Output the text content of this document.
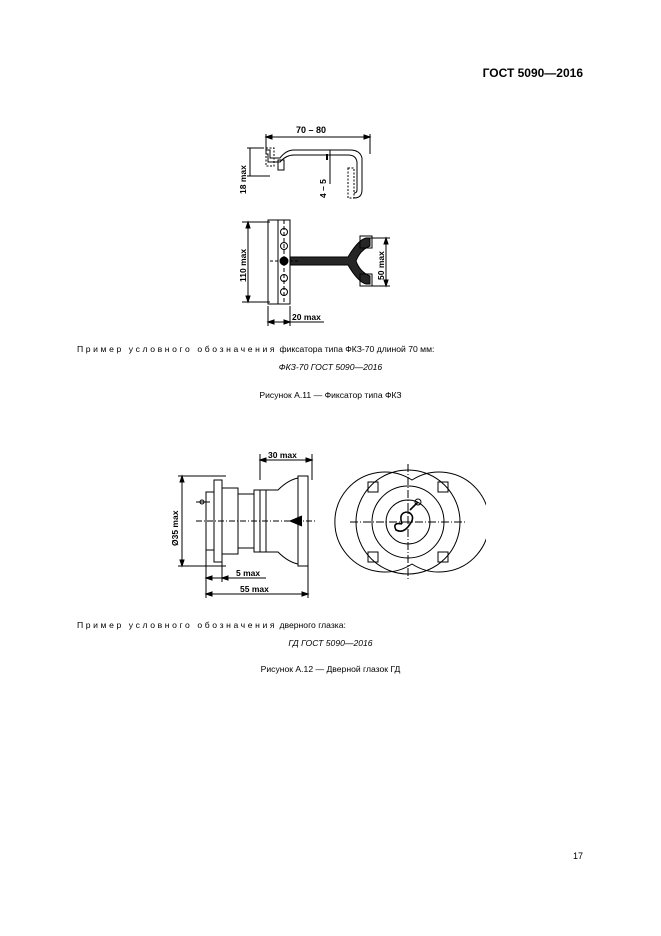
ГОСТ 5090—2016
70 – 80
18 max	4 – 5
110 max	50 max
20 max
Пример условного обозначения фиксатора типа ФКЗ-70 длиной 70 мм:
ФКЗ-70 ГОСТ 5090—2016
Рисунок А.11 — Фиксатор типа ФКЗ
30 max
Ø35 max
5 max
55 max
Пример условного обозначения дверного глазка:
ГД ГОСТ 5090—2016
Рисунок А.12 — Дверной глазок ГД
17
